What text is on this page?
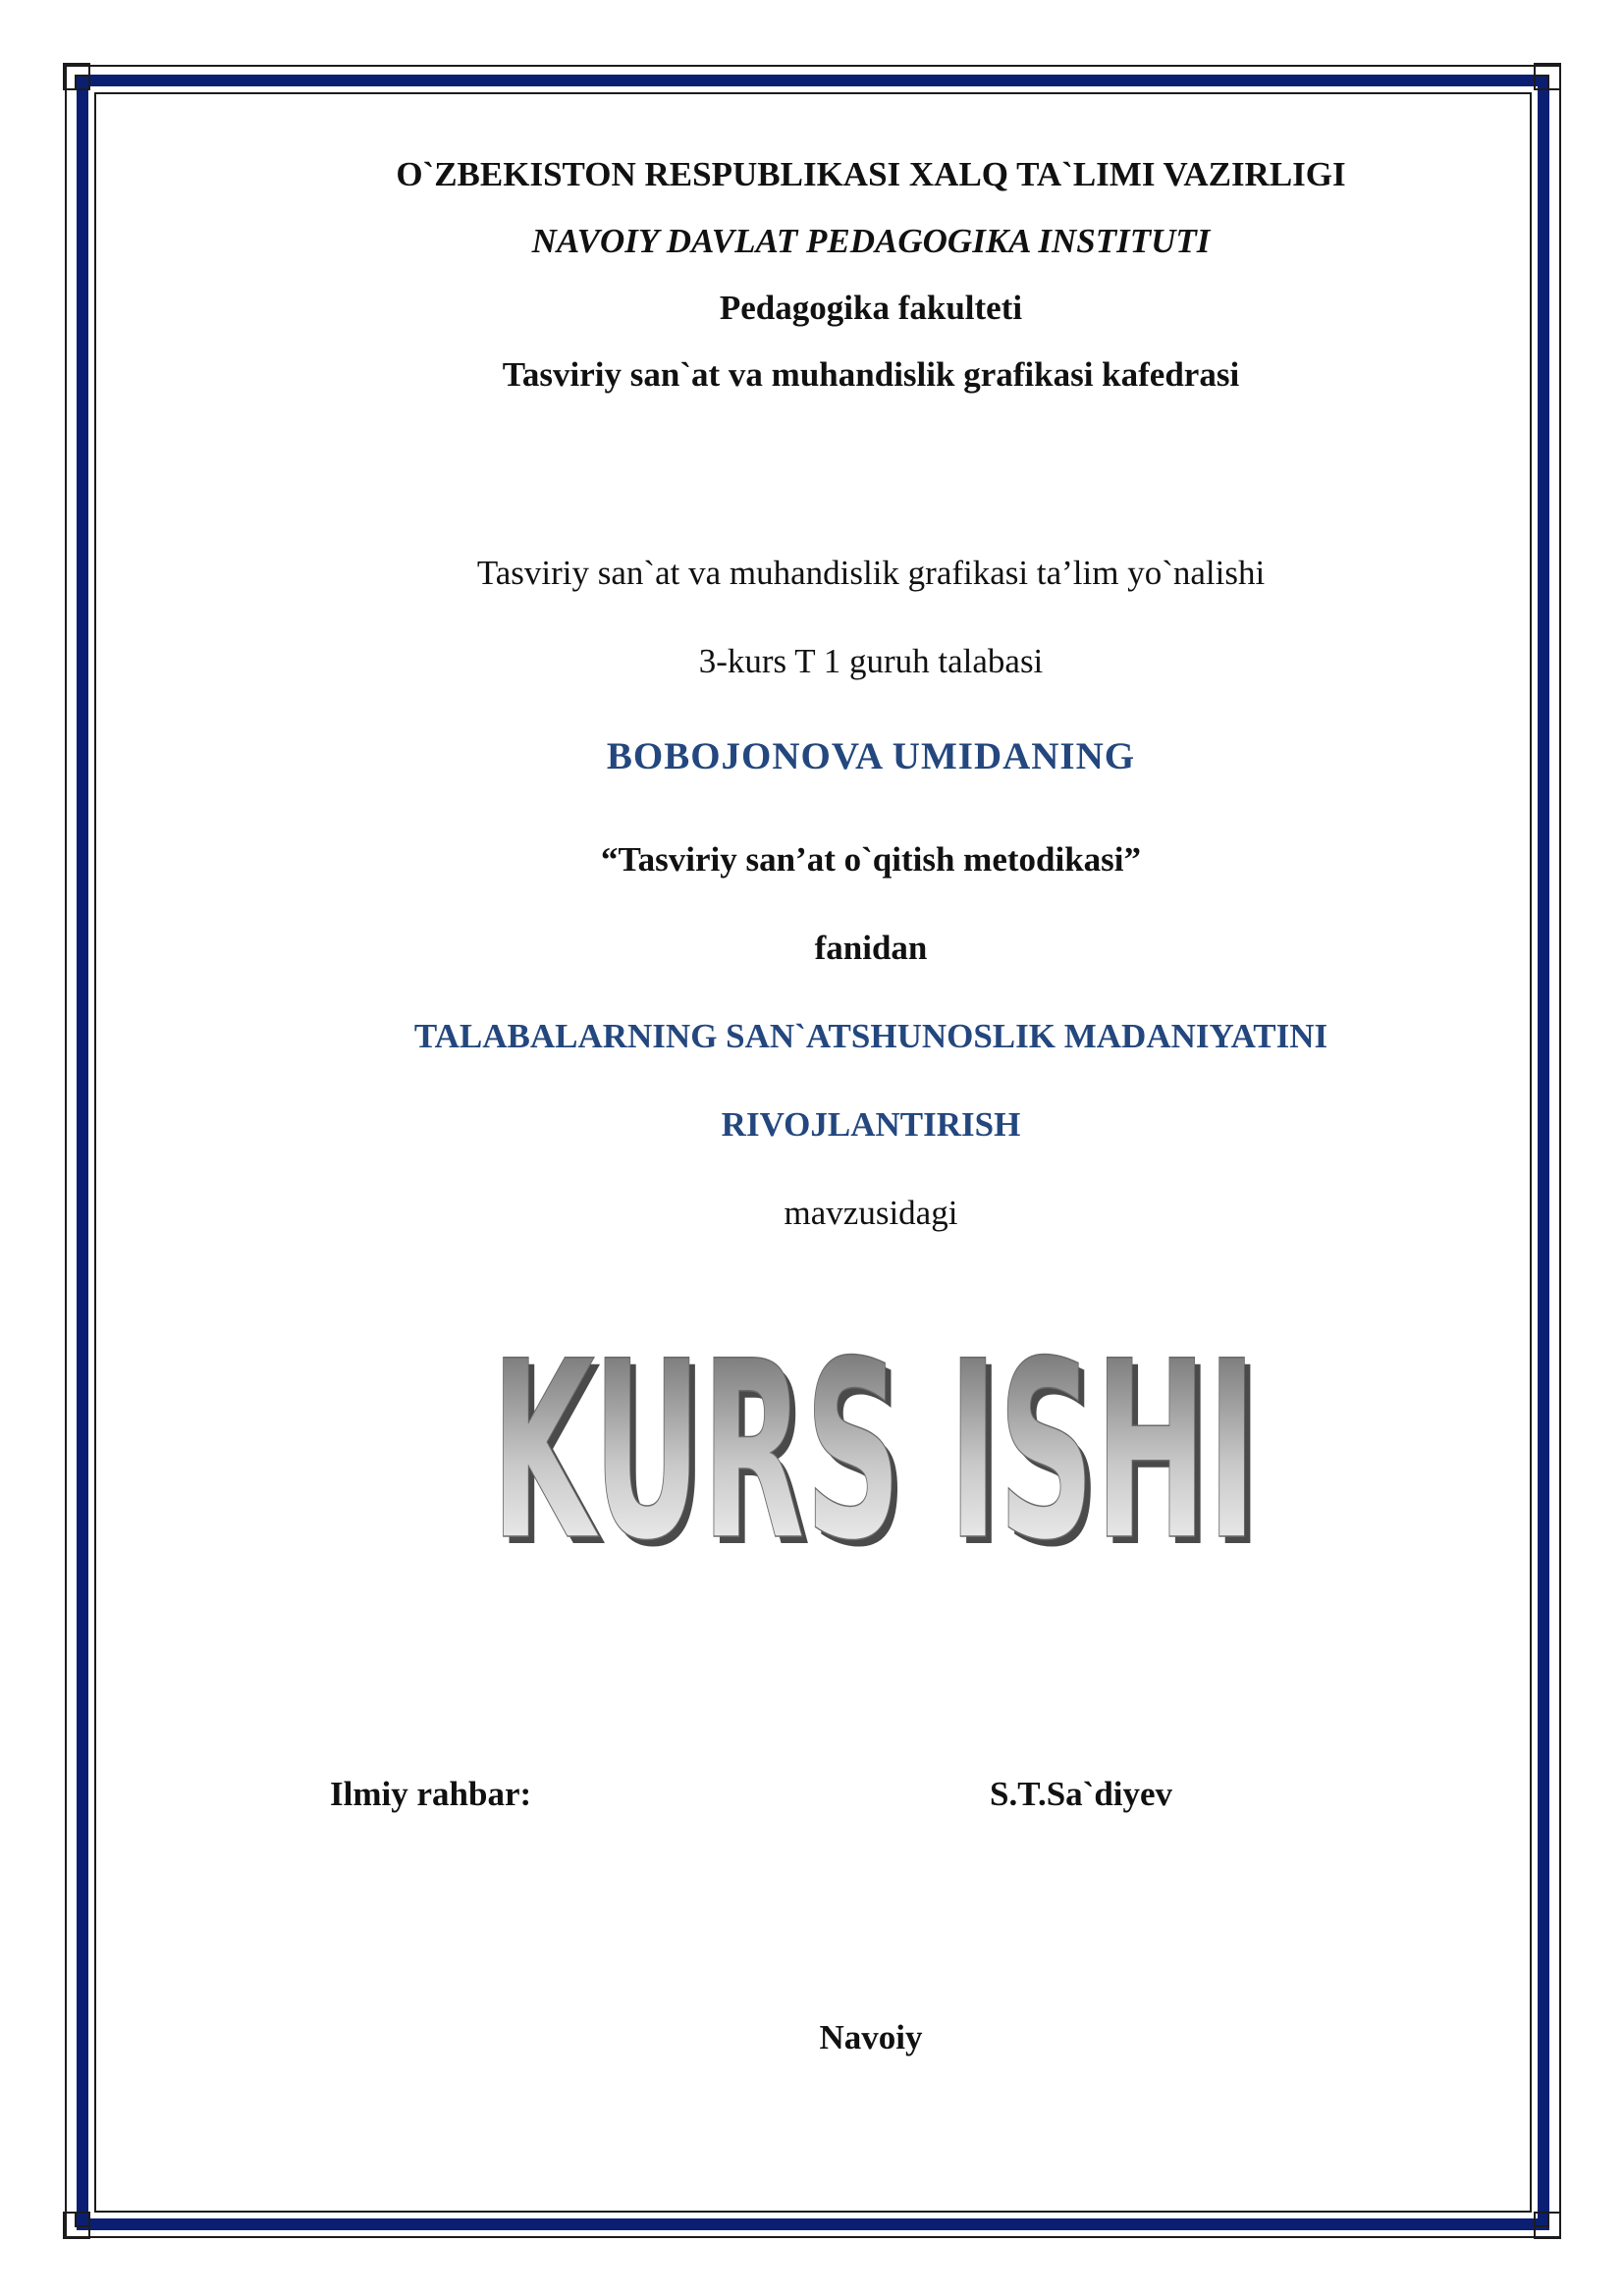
O`ZBEKISTON RESPUBLIKASI XALQ TA`LIMI VAZIRLIGI
NAVOIY DAVLAT PEDAGOGIKA INSTITUTI
Pedagogika fakulteti
Tasviriy san`at va muhandislik grafikasi kafedrasi
Tasviriy san`at va muhandislik grafikasi ta’lim yo`nalishi
3-kurs T 1 guruh talabasi
BOBOJONOVA UMIDANING
“Tasviriy san’at o`qitish metodikasi”
fanidan
TALABALARNING SAN`ATSHUNOSLIK MADANIYATINI
RIVOJLANTIRISH
mavzusidagi
KURS ISHI
KURS ISHI
Ilmiy rahbar:	S.T.Sa`diyev
Navoiy
